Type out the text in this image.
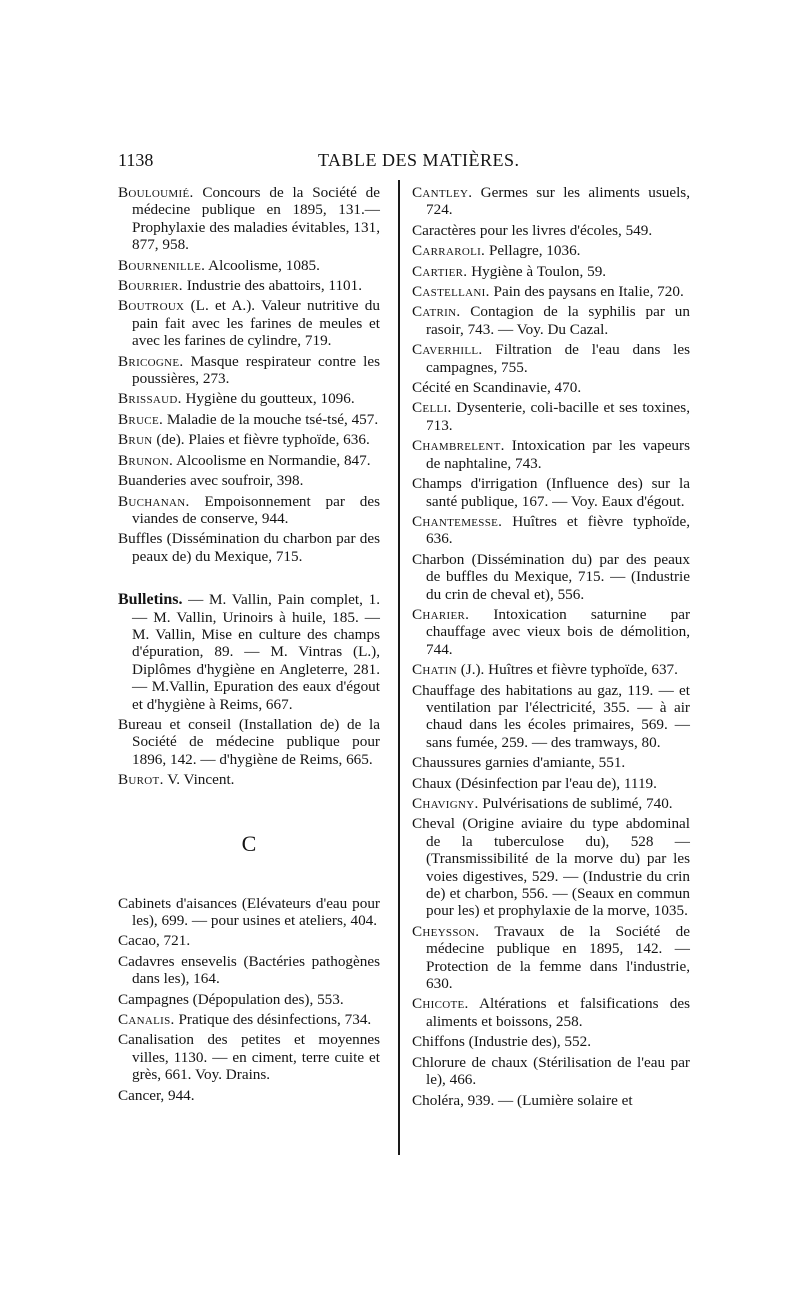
1138	TABLE DES MATIÈRES.

Bouloumié. Concours de la Société de médecine publique en 1895, 131.—Prophylaxie des maladies évitables, 131, 877, 958.

Bournenille. Alcoolisme, 1085.

Bourrier. Industrie des abattoirs, 1101.

Boutroux (L. et A.). Valeur nutritive du pain fait avec les farines de meules et avec les farines de cylindre, 719.

Bricogne. Masque respirateur contre les poussières, 273.

Brissaud. Hygiène du goutteux, 1096.

Bruce. Maladie de la mouche tsé-tsé, 457.

Brun (de). Plaies et fièvre typhoïde, 636.

Brunon. Alcoolisme en Normandie, 847.

Buanderies avec soufroir, 398.

Buchanan. Empoisonnement par des viandes de conserve, 944.

Buffles (Dissémination du charbon par des peaux de) du Mexique, 715.

Bulletins. — M. Vallin, Pain complet, 1. — M. Vallin, Urinoirs à huile, 185. — M. Vallin, Mise en culture des champs d'épuration, 89. — M. Vintras (L.), Diplômes d'hygiène en Angleterre, 281. — M.Vallin, Epuration des eaux d'égout et d'hygiène à Reims, 667.

Bureau et conseil (Installation de) de la Société de médecine publique pour 1896, 142. — d'hygiène de Reims, 665.

Burot. V. Vincent.

C

Cabinets d'aisances (Elévateurs d'eau pour les), 699. — pour usines et ateliers, 404.

Cacao, 721.

Cadavres ensevelis (Bactéries pathogènes dans les), 164.

Campagnes (Dépopulation des), 553.

Canalis. Pratique des désinfections, 734.

Canalisation des petites et moyennes villes, 1130. — en ciment, terre cuite et grès, 661. Voy. Drains.

Cancer, 944.

Cantley. Germes sur les aliments usuels, 724.

Caractères pour les livres d'écoles, 549.

Carraroli. Pellagre, 1036.

Cartier. Hygiène à Toulon, 59.

Castellani. Pain des paysans en Italie, 720.

Catrin. Contagion de la syphilis par un rasoir, 743. — Voy. Du Cazal.

Caverhill. Filtration de l'eau dans les campagnes, 755.

Cécité en Scandinavie, 470.

Celli. Dysenterie, coli-bacille et ses toxines, 713.

Chambrelent. Intoxication par les vapeurs de naphtaline, 743.

Champs d'irrigation (Influence des) sur la santé publique, 167. — Voy. Eaux d'égout.

Chantemesse. Huîtres et fièvre typhoïde, 636.

Charbon (Dissémination du) par des peaux de buffles du Mexique, 715. — (Industrie du crin de cheval et), 556.

Charier. Intoxication saturnine par chauffage avec vieux bois de démolition, 744.

Chatin (J.). Huîtres et fièvre typhoïde, 637.

Chauffage des habitations au gaz, 119. — et ventilation par l'électricité, 355. — à air chaud dans les écoles primaires, 569. — sans fumée, 259. — des tramways, 80.

Chaussures garnies d'amiante, 551.

Chaux (Désinfection par l'eau de), 1119.

Chavigny. Pulvérisations de sublimé, 740.

Cheval (Origine aviaire du type abdominal de la tuberculose du), 528 — (Transmissibilité de la morve du) par les voies digestives, 529. — (Industrie du crin de) et charbon, 556. — (Seaux en commun pour les) et prophylaxie de la morve, 1035.

Cheysson. Travaux de la Société de médecine publique en 1895, 142. — Protection de la femme dans l'industrie, 630.

Chicote. Altérations et falsifications des aliments et boissons, 258.

Chiffons (Industrie des), 552.

Chlorure de chaux (Stérilisation de l'eau par le), 466.

Choléra, 939. — (Lumière solaire et
